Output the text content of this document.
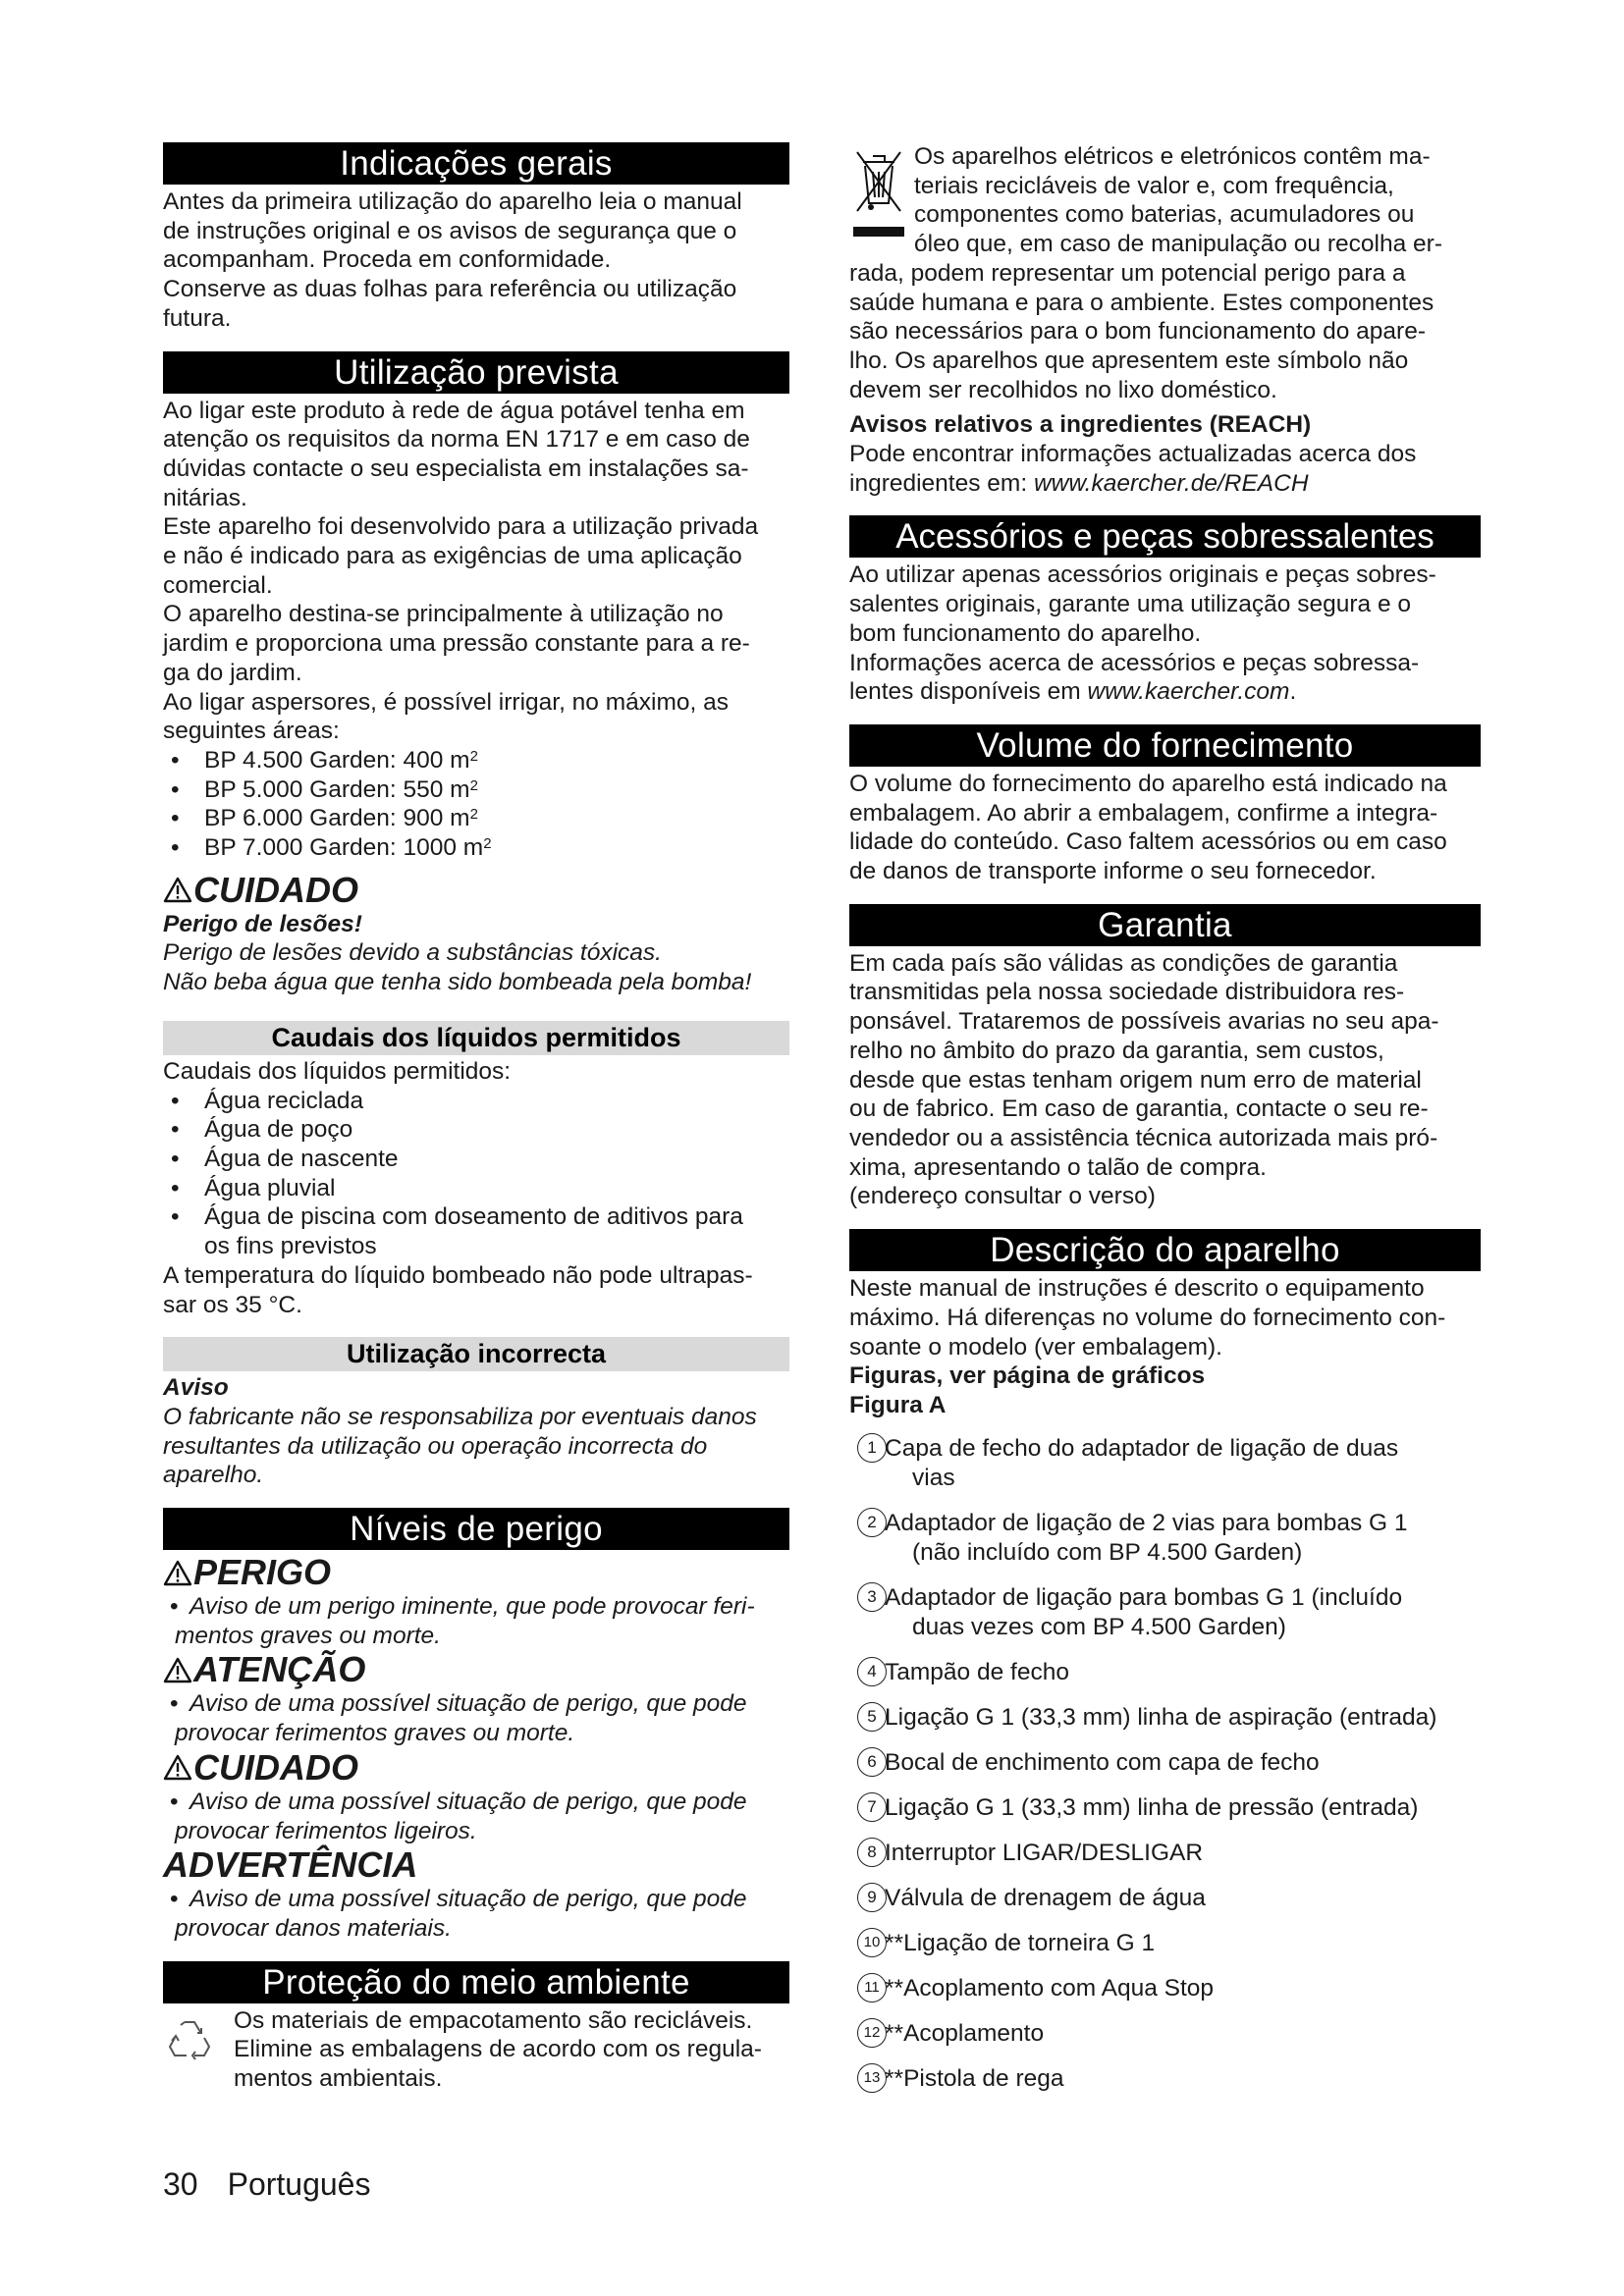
Indicações gerais

Antes da primeira utilização do aparelho leia o manual

de instruções original e os avisos de segurança que o

acompanham. Proceda em conformidade.

Conserve as duas folhas para referência ou utilização

futura.

Utilização prevista

Ao ligar este produto à rede de água potável tenha em

atenção os requisitos da norma EN 1717 e em caso de

dúvidas contacte o seu especialista em instalações sa-

nitárias.

Este aparelho foi desenvolvido para a utilização privada

e não é indicado para as exigências de uma aplicação

comercial.

O aparelho destina-se principalmente à utilização no

jardim e proporciona uma pressão constante para a re-

ga do jardim.

Ao ligar aspersores, é possível irrigar, no máximo, as

seguintes áreas:

• BP 4.500 Garden: 400 $m^2$
• BP 5.000 Garden: 550 $m^2$
• BP 6.000 Garden: 900 $m^2$
• BP 7.000 Garden: 1000 $m^2$
CUIDADO

Perigo de lesões!

Perigo de lesões devido a substâncias tóxicas.

Não beba água que tenha sido bombeada pela bomba!

Caudais dos líquidos permitidos

Caudais dos líquidos permitidos:

• Água reciclada
• Água de poço
• Água de nascente
• Água pluvial
• Água de piscina com doseamento de aditivos para
os fins previstos

A temperatura do líquido bombeado não pode ultrapas-

sar os 35 °C.

Utilização incorrecta

Aviso

O fabricante não se responsabiliza por eventuais danos

resultantes da utilização ou operação incorrecta do

aparelho.

Níveis de perigo
PERIGO
• Aviso de um perigo iminente, que pode provocar feri-
mentos graves ou morte.
ATENÇÃO
• Aviso de uma possível situação de perigo, que pode
provocar ferimentos graves ou morte.
CUIDADO
• Aviso de uma possível situação de perigo, que pode
provocar ferimentos ligeiros.
ADVERTÊNCIA
• Aviso de uma possível situação de perigo, que pode
provocar danos materiais.
Proteção do meio ambiente

Os materiais de empacotamento são recicláveis.

Elimine as embalagens de acordo com os regula-

mentos ambientais.

Os aparelhos elétricos e eletrónicos contêm ma-

teriais recicláveis de valor e, com frequência,

componentes como baterias, acumuladores ou

óleo que, em caso de manipulação ou recolha er-

rada, podem representar um potencial perigo para a

saúde humana e para o ambiente. Estes componentes

são necessários para o bom funcionamento do apare-

lho. Os aparelhos que apresentem este símbolo não

devem ser recolhidos no lixo doméstico.

Avisos relativos a ingredientes (REACH)

Pode encontrar informações actualizadas acerca dos

ingredientes em: www.kaercher.de/REACH

Acessórios e peças sobressalentes

Ao utilizar apenas acessórios originais e peças sobres-

salentes originais, garante uma utilização segura e o

bom funcionamento do aparelho.

Informações acerca de acessórios e peças sobressa-

lentes disponíveis em www.kaercher.com.

Volume do fornecimento

O volume do fornecimento do aparelho está indicado na

embalagem. Ao abrir a embalagem, confirme a integra-

lidade do conteúdo. Caso faltem acessórios ou em caso

de danos de transporte informe o seu fornecedor.

Garantia

Em cada país são válidas as condições de garantia

transmitidas pela nossa sociedade distribuidora res-

ponsável. Trataremos de possíveis avarias no seu apa-

relho no âmbito do prazo da garantia, sem custos,

desde que estas tenham origem num erro de material

ou de fabrico. Em caso de garantia, contacte o seu re-

vendedor ou a assistência técnica autorizada mais pró-

xima, apresentando o talão de compra.

(endereço consultar o verso)

Descrição do aparelho

Neste manual de instruções é descrito o equipamento

máximo. Há diferenças no volume do fornecimento con-

soante o modelo (ver embalagem).

Figuras, ver página de gráficos

Figura A

1 Capa de fecho do adaptador de ligação de duas
vias
2 Adaptador de ligação de 2 vias para bombas G 1
(não incluído com BP 4.500 Garden)
3 Adaptador de ligação para bombas G 1 (incluído
duas vezes com BP 4.500 Garden)
4 Tampão de fecho
5 Ligação G 1 (33,3 mm) linha de aspiração (entrada)
6 Bocal de enchimento com capa de fecho
7 Ligação G 1 (33,3 mm) linha de pressão (entrada)
8 Interruptor LIGAR/DESLIGAR
9 Válvula de drenagem de água
10 **Ligação de torneira G 1
11 **Acoplamento com Aqua Stop
12 **Acoplamento
13 **Pistola de rega
30 Português
